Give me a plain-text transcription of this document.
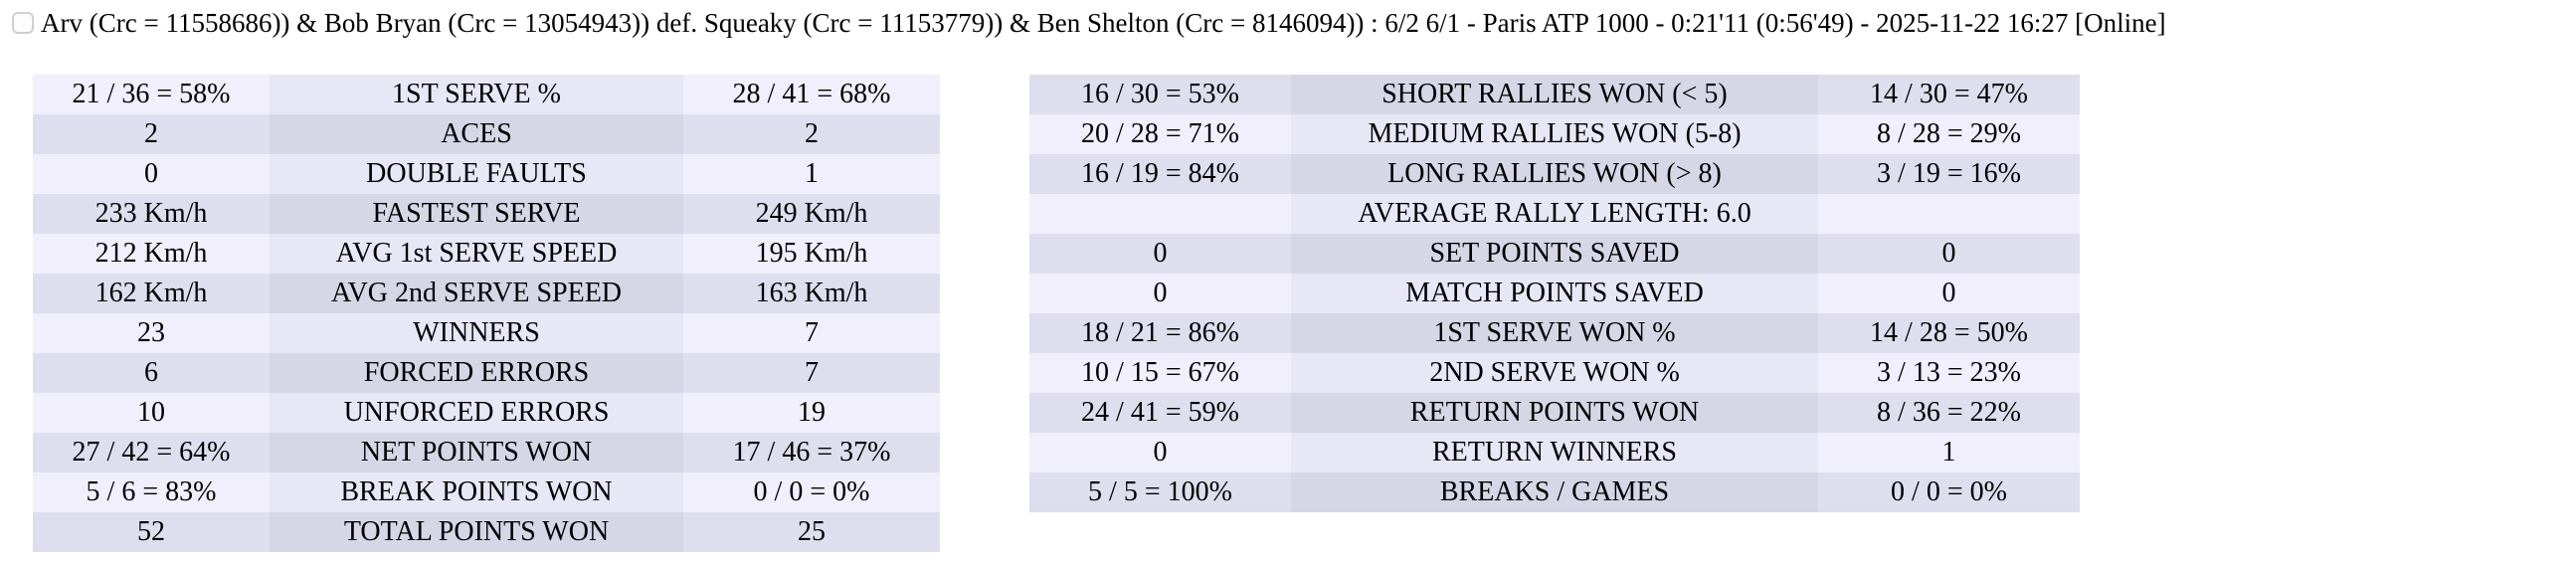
Arv (Crc = 11558686)) & Bob Bryan (Crc = 13054943)) def. Squeaky (Crc = 11153779)) & Ben Shelton (Crc = 8146094)) : 6/2 6/1 - Paris ATP 1000 - 0:21'11 (0:56'49) - 2025-11-22 16:27 [Online]
21 / 36 = 58%	1ST SERVE %	28 / 41 = 68%
2	ACES	2
0	DOUBLE FAULTS	1
233 Km/h	FASTEST SERVE	249 Km/h
212 Km/h	AVG 1st SERVE SPEED	195 Km/h
162 Km/h	AVG 2nd SERVE SPEED	163 Km/h
23	WINNERS	7
6	FORCED ERRORS	7
10	UNFORCED ERRORS	19
27 / 42 = 64%	NET POINTS WON	17 / 46 = 37%
5 / 6 = 83%	BREAK POINTS WON	0 / 0 = 0%
52	TOTAL POINTS WON	25
16 / 30 = 53%	SHORT RALLIES WON (< 5)	14 / 30 = 47%
20 / 28 = 71%	MEDIUM RALLIES WON (5-8)	8 / 28 = 29%
16 / 19 = 84%	LONG RALLIES WON (> 8)	3 / 19 = 16%
AVERAGE RALLY LENGTH: 6.0
0	SET POINTS SAVED	0
0	MATCH POINTS SAVED	0
18 / 21 = 86%	1ST SERVE WON %	14 / 28 = 50%
10 / 15 = 67%	2ND SERVE WON %	3 / 13 = 23%
24 / 41 = 59%	RETURN POINTS WON	8 / 36 = 22%
0	RETURN WINNERS	1
5 / 5 = 100%	BREAKS / GAMES	0 / 0 = 0%
